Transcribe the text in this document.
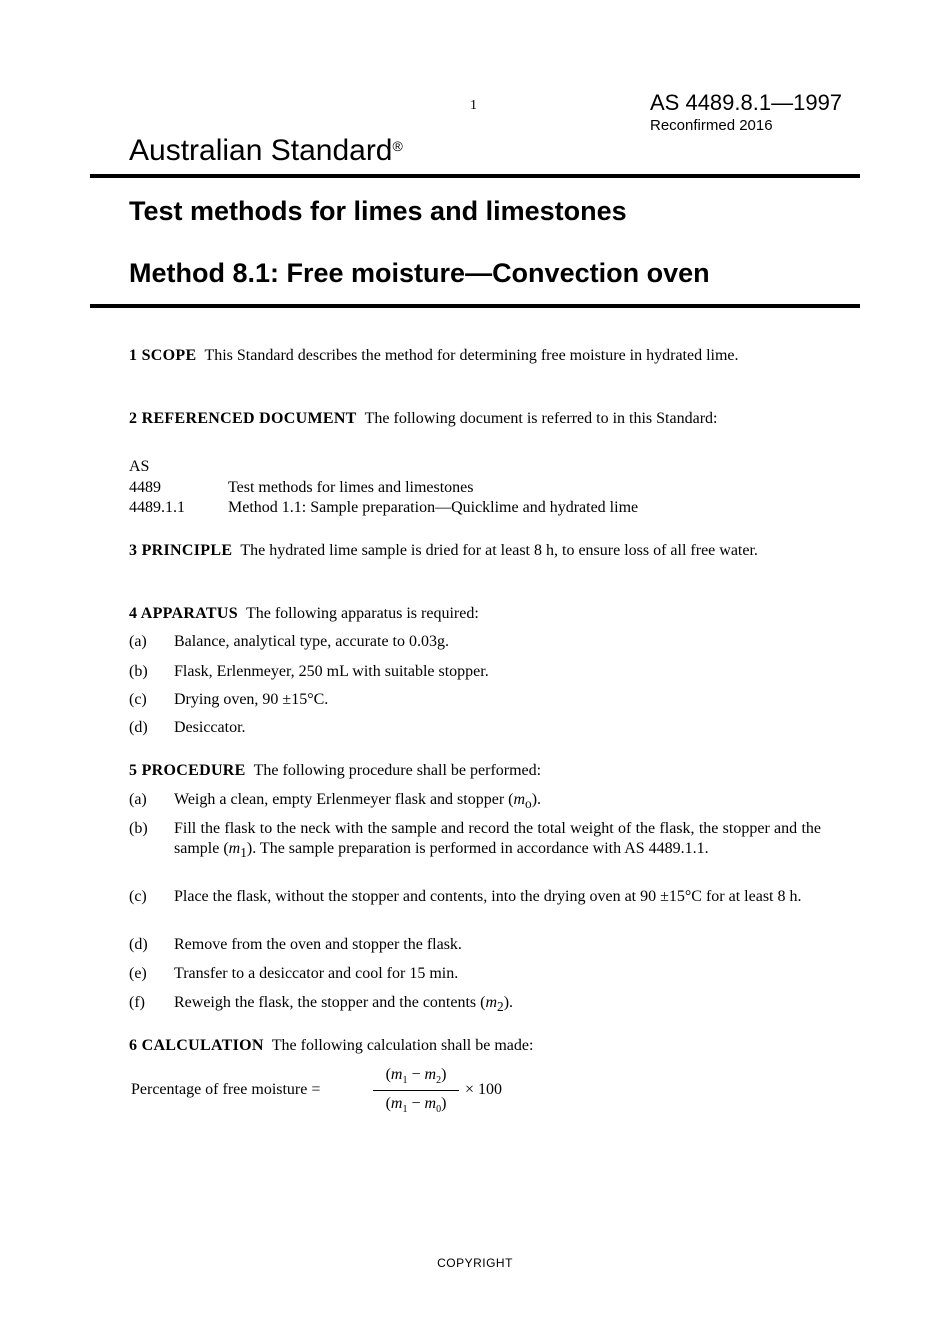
1	AS 4489.8.1—1997
Reconfirmed 2016
Australian Standard®
Test methods for limes and limestones
Method 8.1: Free moisture—Convection oven
1 SCOPE This Standard describes the method for determining free moisture in hydrated lime.
2 REFERENCED DOCUMENT The following document is referred to in this Standard:
AS
4489	Test methods for limes and limestones
4489.1.1	Method 1.1: Sample preparation—Quicklime and hydrated lime
3 PRINCIPLE The hydrated lime sample is dried for at least 8 h, to ensure loss of all free water.
4 APPARATUS The following apparatus is required:
(a) Balance, analytical type, accurate to 0.03g.
(b) Flask, Erlenmeyer, 250 mL with suitable stopper.
(c) Drying oven, 90 ±15°C.
(d) Desiccator.
5 PROCEDURE The following procedure shall be performed:
(a) Weigh a clean, empty Erlenmeyer flask and stopper $(m_o)$.
(b) Fill the flask to the neck with the sample and record the total weight of the flask, the stopper and the sample $(m_1)$. The sample preparation is performed in accordance with AS 4489.1.1.
(c) Place the flask, without the stopper and contents, into the drying oven at 90 ±15°C for at least 8 h.
(d) Remove from the oven and stopper the flask.
(e) Transfer to a desiccator and cool for 15 min.
(f) Reweigh the flask, the stopper and the contents $(m_2)$.
6 CALCULATION The following calculation shall be made:
Percentage of free moisture =
$(m_1 - m_2)$
$(m_1 - m_0)$
× 100
COPYRIGHT
